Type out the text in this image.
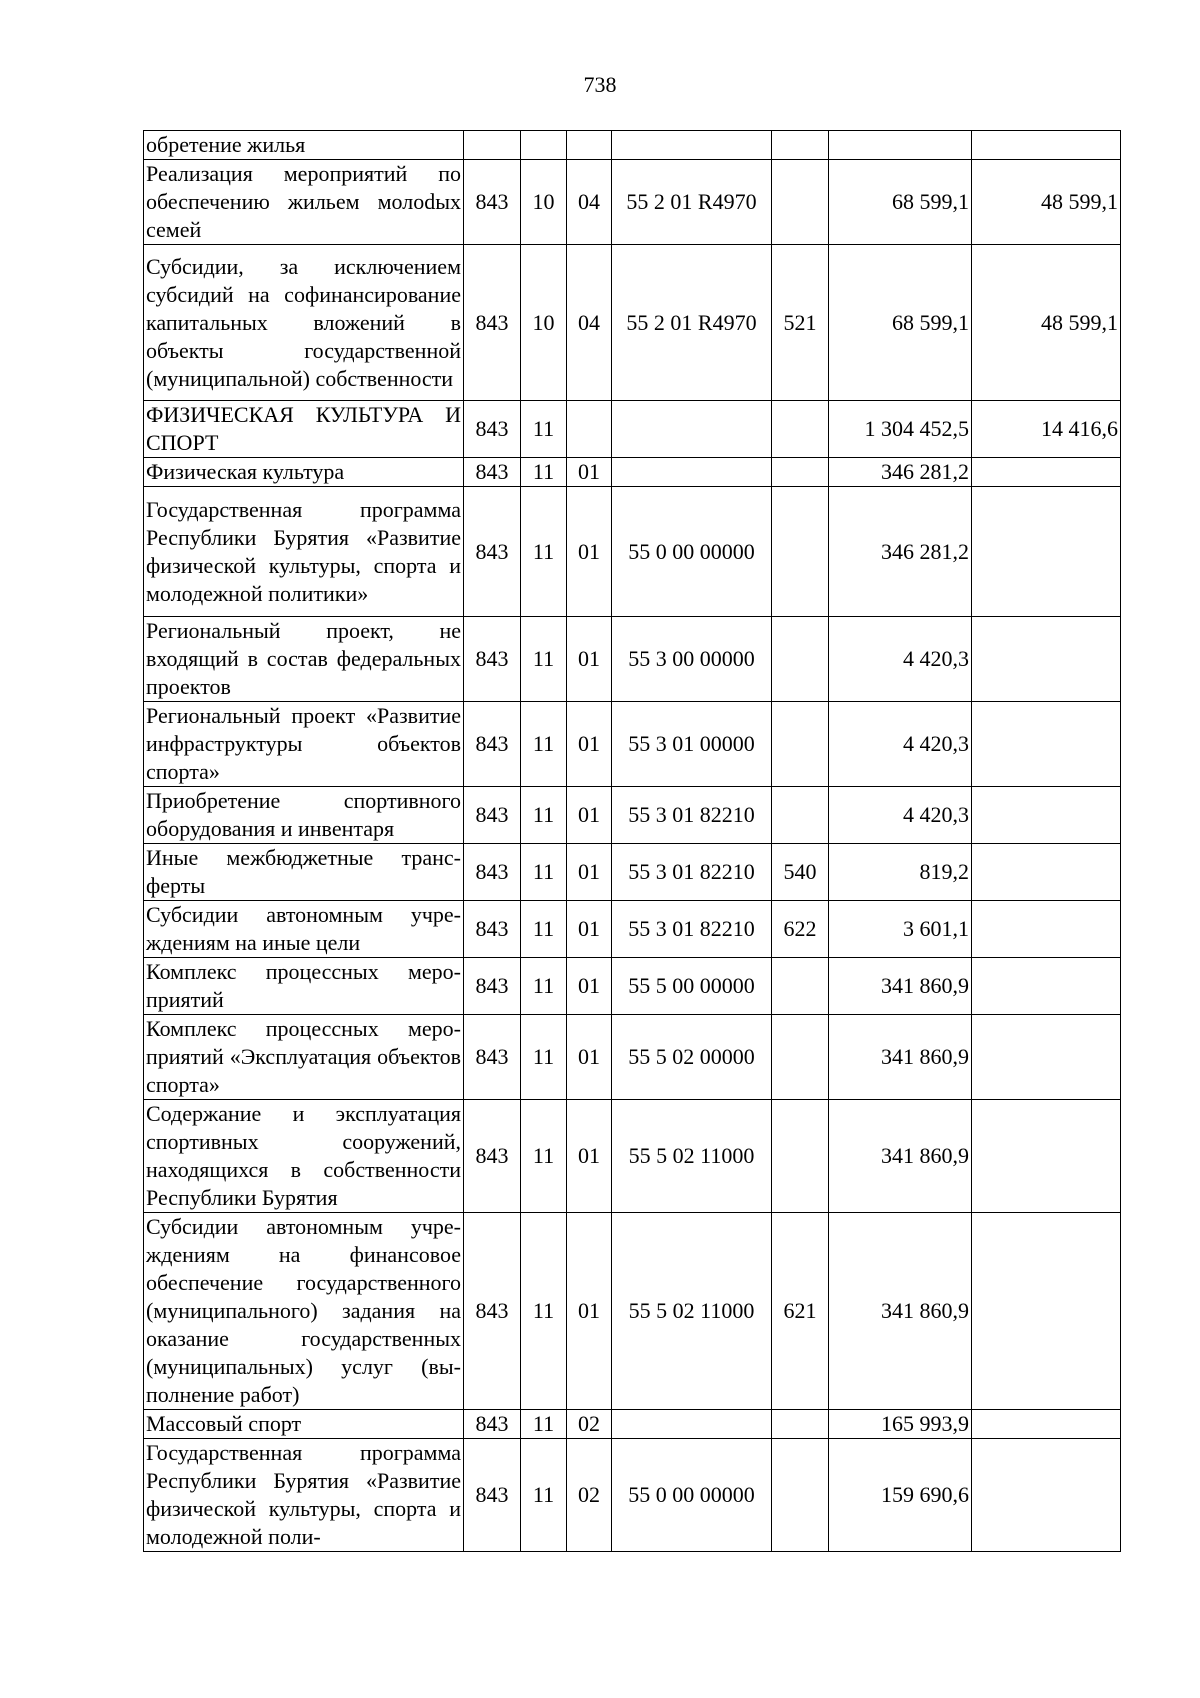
738
обретение жилья							
Реализация мероприятий по обеспечению жильем молоdых семей	843	10	04	55 2 01 R4970		68 599,1	48 599,1
Субсидии, за исключением субсидий на софинансирование капитальных вложений в объекты государственной (муниципальной) собственности	843	10	04	55 2 01 R4970	521	68 599,1	48 599,1
ФИЗИЧЕСКАЯ КУЛЬТУРА И СПОРТ	843	11				1 304 452,5	14 416,6
Физическая культура	843	11	01			346 281,2	
Государственная программа Республики Бурятия «Развитие физической культуры, спорта и молодежной политики»	843	11	01	55 0 00 00000		346 281,2	
Региональный проект, не входящий в состав федеральных проектов	843	11	01	55 3 00 00000		4 420,3	
Региональный проект «Развитие инфраструктуры объектов спорта»	843	11	01	55 3 01 00000		4 420,3	
Приобретение спортивного оборудования и инвентаря	843	11	01	55 3 01 82210		4 420,3	
Иные межбюджетные трансферты	843	11	01	55 3 01 82210	540	819,2	
Субсидии автономным учреждениям на иные цели	843	11	01	55 3 01 82210	622	3 601,1	
Комплекс процессных мероприятий	843	11	01	55 5 00 00000		341 860,9	
Комплекс процессных мероприятий «Эксплуатация объектов спорта»	843	11	01	55 5 02 00000		341 860,9	
Содержание и эксплуатация спортивных сооружений, находящихся в собственности Республики Бурятия	843	11	01	55 5 02 11000		341 860,9	
Субсидии автономным учреждениям на финансовое обеспечение государственного (муниципального) задания на оказание государственных (муниципальных) услуг (выполнение работ)	843	11	01	55 5 02 11000	621	341 860,9	
Массовый спорт	843	11	02			165 993,9	
Государственная программа Республики Бурятия «Развитие физической культуры, спорта и молодежной поли-	843	11	02	55 0 00 00000		159 690,6	
